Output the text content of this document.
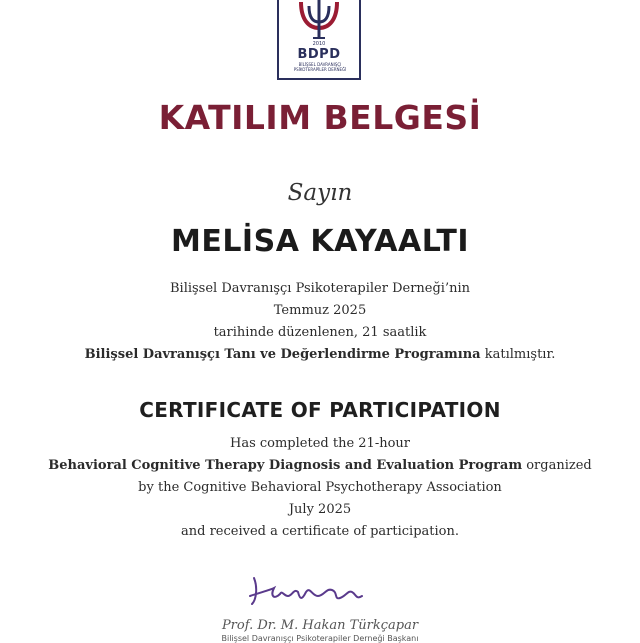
2010
BDPD
BİLİŞSEL DAVRANIŞÇI
PSİKOTERAPİLER DERNEĞİ
KATILIM BELGESİ
Sayın
MELİSA KAYAALTI
Bilişsel Davranışçı Psikoterapiler Derneği’nin
Temmuz 2025
tarihinde düzenlenen, 21 saatlik
Bilişsel Davranışçı Tanı ve Değerlendirme Programına katılmıştır.
CERTIFICATE OF PARTICIPATION
Has completed the 21-hour
Behavioral Cognitive Therapy Diagnosis and Evaluation Program organized
by the Cognitive Behavioral Psychotherapy Association
July 2025
and received a certificate of participation.
Prof. Dr. M. Hakan Türkçapar
Bilişsel Davranışçı Psikoterapiler Derneği Başkanı
